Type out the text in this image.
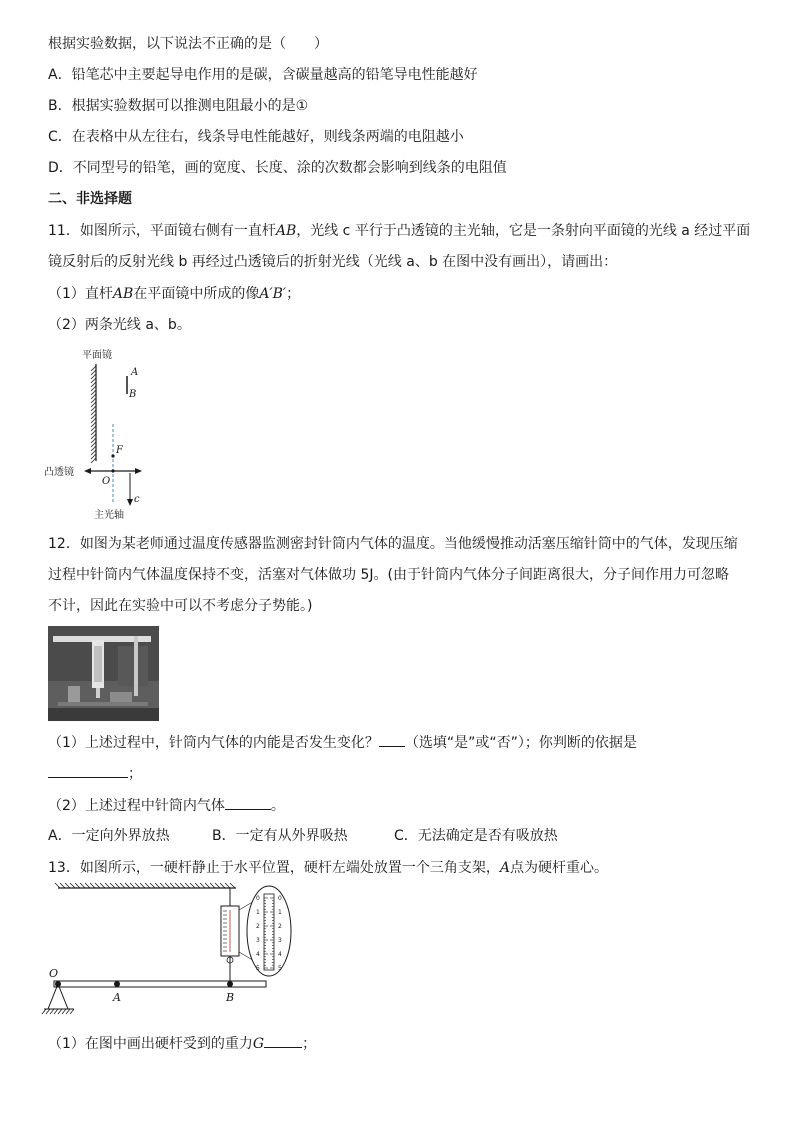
根据实验数据，以下说法不正确的是（　　）
A．铅笔芯中主要起导电作用的是碳，含碳量越高的铅笔导电性能越好
B．根据实验数据可以推测电阻最小的是①
C．在表格中从左往右，线条导电性能越好，则线条两端的电阻越小
D．不同型号的铅笔，画的宽度、长度、涂的次数都会影响到线条的电阻值
二、非选择题
11．如图所示，平面镜右侧有一直杆AB，光线 c 平行于凸透镜的主光轴，它是一条射向平面镜的光线 a 经过平面
镜反射后的反射光线 b 再经过凸透镜后的折射光线（光线 a、b 在图中没有画出），请画出：
（1）直杆AB在平面镜中所成的像A′B′；
（2）两条光线 a、b。
平面镜
A
B
F
O
c
凸透镜
主光轴
12．如图为某老师通过温度传感器监测密封针筒内气体的温度。当他缓慢推动活塞压缩针筒中的气体，发现压缩
过程中针筒内气体温度保持不变，活塞对气体做功 5J。(由于针筒内气体分子间距离很大，分子间作用力可忽略
不计，因此在实验中可以不考虑分子势能。)
（1）上述过程中，针筒内气体的内能是否发生变化？ （选填“是”或“否”）；你判断的依据是
；
（2）上述过程中针筒内气体	。
A．一定向外界放热	B．一定有从外界吸热	C．无法确定是否有吸放热
13．如图所示，一硬杆静止于水平位置，硬杆左端处放置一个三角支架，A点为硬杆重心。
0
1
2
3
4
5
0
1
2
3
4
5
O
A	B
（1）在图中画出硬杆受到的重力G	；
